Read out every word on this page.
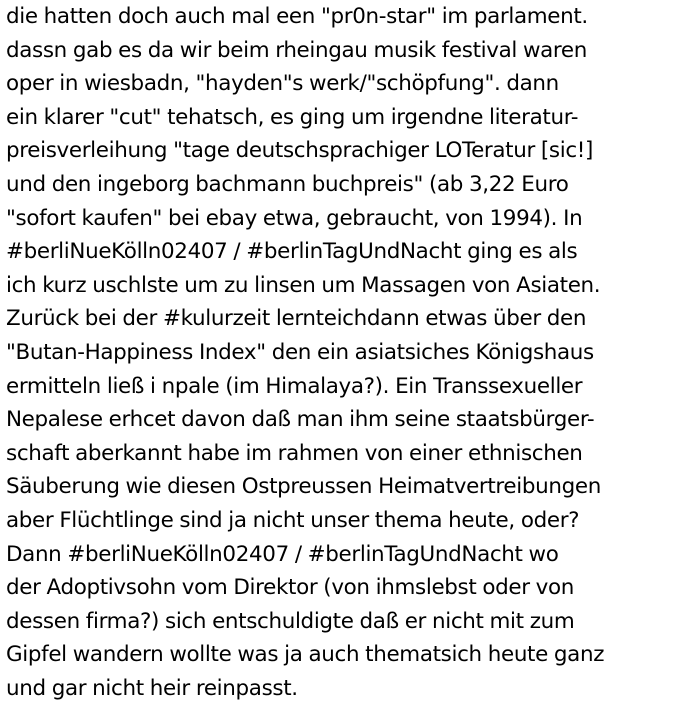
die hatten doch auch mal een "pr0n-star" im parlament.
dassn gab es da wir beim rheingau musik festival waren
oper in wiesbadn, "hayden"s werk/"schöpfung". dann
ein klarer "cut" tehatsch, es ging um irgendne literatur-
preisverleihung "tage deutschsprachiger LOTeratur [sic!]
und den ingeborg bachmann buchpreis" (ab 3,22 Euro
"sofort kaufen" bei ebay etwa, gebraucht, von 1994). In
#berliNueKölln02407 / #berlinTagUndNacht ging es als
ich kurz uschlste um zu linsen um Massagen von Asiaten.
Zurück bei der #kulurzeit lernteichdann etwas über den
"Butan-Happiness Index" den ein asiatsiches Königshaus
ermitteln ließ i npale (im Himalaya?). Ein Transsexueller
Nepalese erhcet davon daß man ihm seine staatsbürger-
schaft aberkannt habe im rahmen von einer ethnischen
Säuberung wie diesen Ostpreussen Heimatvertreibungen
aber Flüchtlinge sind ja nicht unser thema heute, oder?
Dann #berliNueKölln02407 / #berlinTagUndNacht wo
der Adoptivsohn vom Direktor (von ihmslebst oder von
dessen firma?) sich entschuldigte daß er nicht mit zum
Gipfel wandern wollte was ja auch thematsich heute ganz
und gar nicht heir reinpasst.
